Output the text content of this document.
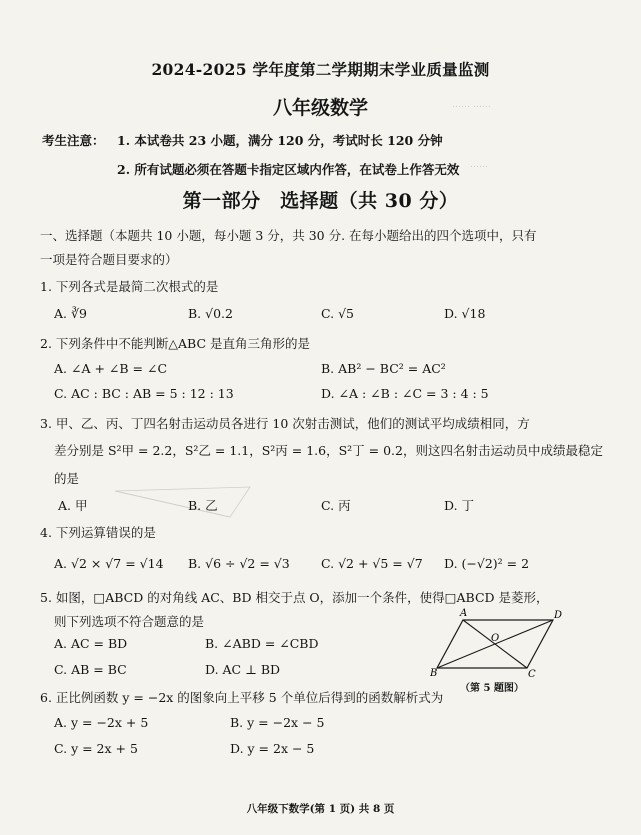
…… ……
……
2024-2025 学年度第二学期期末学业质量监测
八年级数学
考生注意： 1. 本试卷共 23 小题，满分 120 分，考试时长 120 分钟
2. 所有试题必须在答题卡指定区域内作答，在试卷上作答无效
第一部分　选择题（共 30 分）
一、选择题（本题共 10 小题，每小题 3 分，共 30 分. 在每小题给出的四个选项中，只有
一项是符合题目要求的）
1. 下列各式是最简二次根式的是
A. ∛9	B. √0.2	C. √5	D. √18
2. 下列条件中不能判断△ABC 是直角三角形的是
A. ∠A + ∠B = ∠C	B. AB² − BC² = AC²
C. AC : BC : AB = 5 : 12 : 13	D. ∠A : ∠B : ∠C = 3 : 4 : 5
3. 甲、乙、丙、丁四名射击运动员各进行 10 次射击测试，他们的测试平均成绩相同，方
差分别是 S²甲 = 2.2，S²乙 = 1.1，S²丙 = 1.6，S²丁 = 0.2，则这四名射击运动员中成绩最稳定
的是
A. 甲	B. 乙	C. 丙	D. 丁
4. 下列运算错误的是
A. √2 × √7 = √14 B. √6 ÷ √2 = √3	C. √2 + √5 = √7 D. (−√2)² = 2
5. 如图，□ABCD 的对角线 AC、BD 相交于点 O，添加一个条件，使得□ABCD 是菱形，
则下列选项不符合题意的是
A. AC = BD	B. ∠ABD = ∠CBD
C. AB = BC	D. AC ⊥ BD
A	D
O
B	C
（第 5 题图）
6. 正比例函数 y = −2x 的图象向上平移 5 个单位后得到的函数解析式为
A. y = −2x + 5	B. y = −2x − 5
C. y = 2x + 5	D. y = 2x − 5
八年级下数学(第 1 页) 共 8 页
